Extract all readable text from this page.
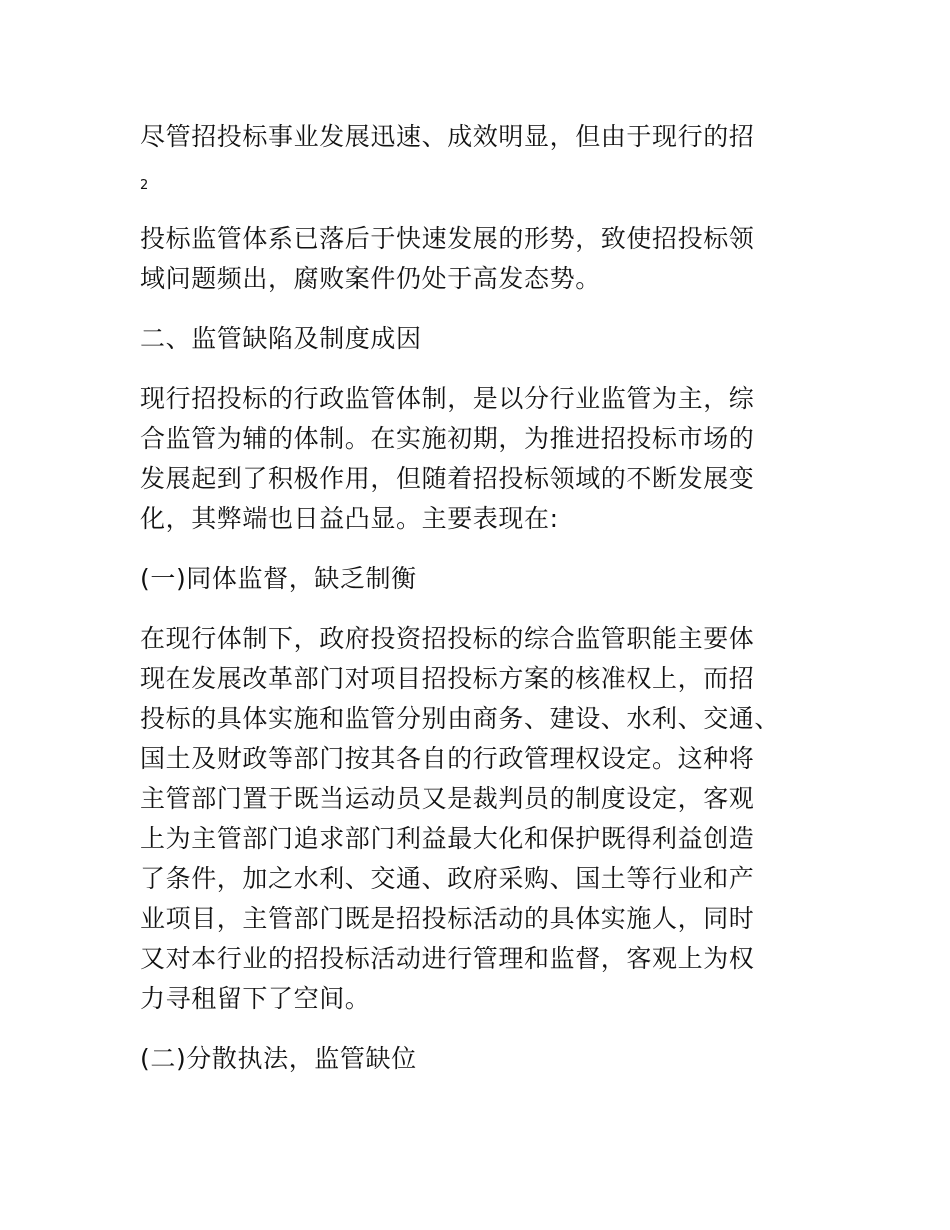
尽管招投标事业发展迅速、成效明显，但由于现行的招
2
投标监管体系已落后于快速发展的形势，致使招投标领
域问题频出，腐败案件仍处于高发态势。
二、监管缺陷及制度成因
现行招投标的行政监管体制，是以分行业监管为主，综
合监管为辅的体制。在实施初期，为推进招投标市场的
发展起到了积极作用，但随着招投标领域的不断发展变
化，其弊端也日益凸显。主要表现在:
(一)同体监督，缺乏制衡
在现行体制下，政府投资招投标的综合监管职能主要体
现在发展改革部门对项目招投标方案的核准权上，而招
投标的具体实施和监管分别由商务、建设、水利、交通、
国土及财政等部门按其各自的行政管理权设定。这种将
主管部门置于既当运动员又是裁判员的制度设定，客观
上为主管部门追求部门利益最大化和保护既得利益创造
了条件，加之水利、交通、政府采购、国土等行业和产
业项目，主管部门既是招投标活动的具体实施人，同时
又对本行业的招投标活动进行管理和监督，客观上为权
力寻租留下了空间。
(二)分散执法，监管缺位
